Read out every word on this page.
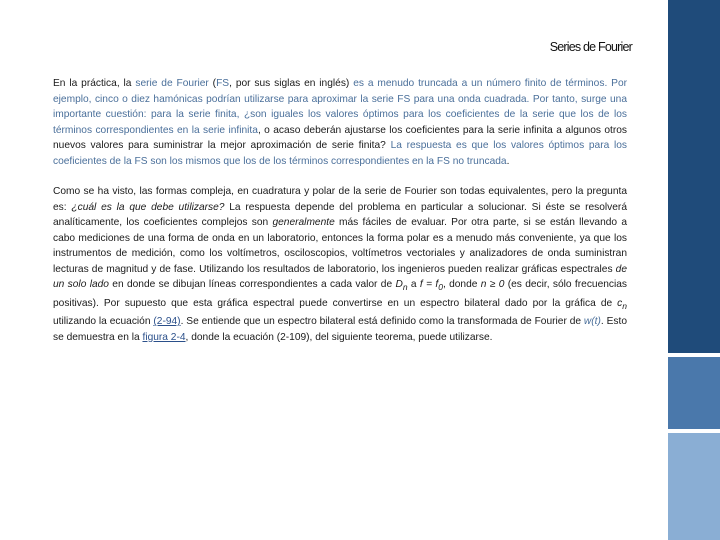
Series de Fourier

En la práctica, la serie de Fourier (FS, por sus siglas en inglés) es a menudo truncada a un número finito de términos. Por ejemplo, cinco o diez hamónicas podrían utilizarse para aproximar la serie FS para una onda cuadrada. Por tanto, surge una importante cuestión: para la serie finita, ¿son iguales los valores óptimos para los coeficientes de la serie que los de los términos correspondientes en la serie infinita, o acaso deberán ajustarse los coeficientes para la serie infinita a algunos otros nuevos valores para suministrar la mejor aproximación de serie finita? La respuesta es que los valores óptimos para los coeficientes de la FS son los mismos que los de los términos correspondientes en la FS no truncada.

Como se ha visto, las formas compleja, en cuadratura y polar de la serie de Fourier son todas equivalentes, pero la pregunta es: ¿cuál es la que debe utilizarse? La respuesta depende del problema en particular a solucionar. Si éste se resolverá analíticamente, los coeficientes complejos son generalmente más fáciles de evaluar. Por otra parte, si se están llevando a cabo mediciones de una forma de onda en un laboratorio, entonces la forma polar es a menudo más conveniente, ya que los instrumentos de medición, como los voltímetros, osciloscopios, voltímetros vectoriales y analizadores de onda suministran lecturas de magnitud y de fase. Utilizando los resultados de laboratorio, los ingenieros pueden realizar gráficas espectrales de un solo lado en donde se dibujan líneas correspondientes a cada valor de $D_n$ a $f = f_0$, donde n ≥ 0 (es decir, sólo frecuencias positivas). Por supuesto que esta gráfica espectral puede convertirse en un espectro bilateral dado por la gráfica de $c_n$ utilizando la ecuación (2-94). Se entiende que un espectro bilateral está definido como la transformada de Fourier de w(t). Esto se demuestra en la figura 2-4, donde la ecuación (2-109), del siguiente teorema, puede utilizarse.
